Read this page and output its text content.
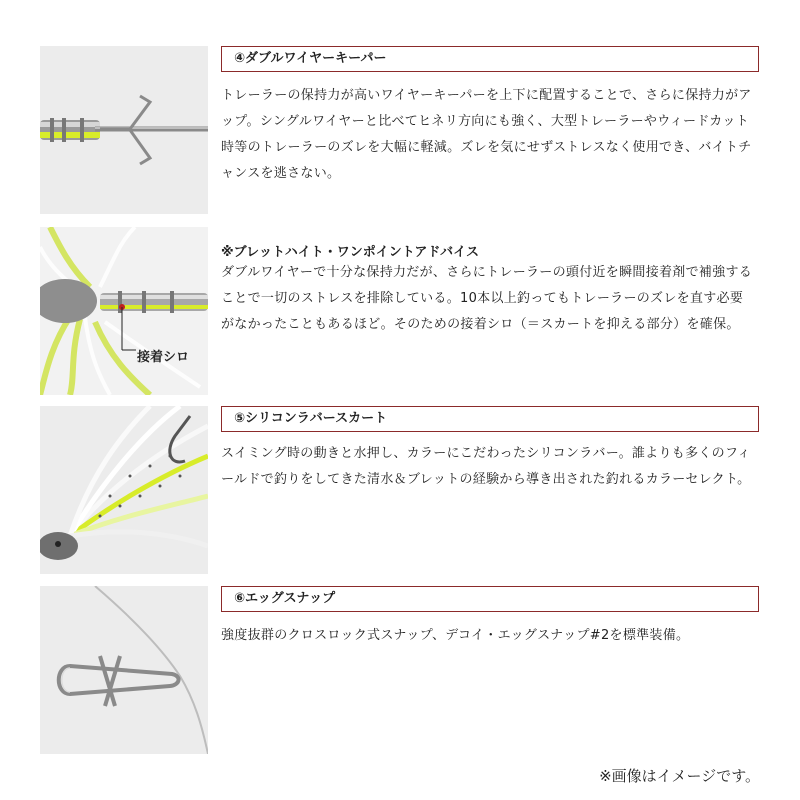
④ダブルワイヤーキーパー

トレーラーの保持力が高いワイヤーキーパーを上下に配置することで、さらに保持力がアップ。シングルワイヤーと比べてヒネリ方向にも強く、大型トレーラーやウィードカット時等のトレーラーのズレを大幅に軽減。ズレを気にせずストレスなく使用でき、バイトチャンスを逃さない。

接着シロ
※ブレットハイト・ワンポイントアドバイス

ダブルワイヤーで十分な保持力だが、さらにトレーラーの頭付近を瞬間接着剤で補強することで一切のストレスを排除している。10本以上釣ってもトレーラーのズレを直す必要がなかったこともあるほど。そのための接着シロ（＝スカートを抑える部分）を確保。

⑤シリコンラバースカート

スイミング時の動きと水押し、カラーにこだわったシリコンラバー。誰よりも多くのフィールドで釣りをしてきた清水＆ブレットの経験から導き出された釣れるカラーセレクト。

⑥エッグスナップ

強度抜群のクロスロック式スナップ、デコイ・エッグスナップ#2を標準装備。

※画像はイメージです。
